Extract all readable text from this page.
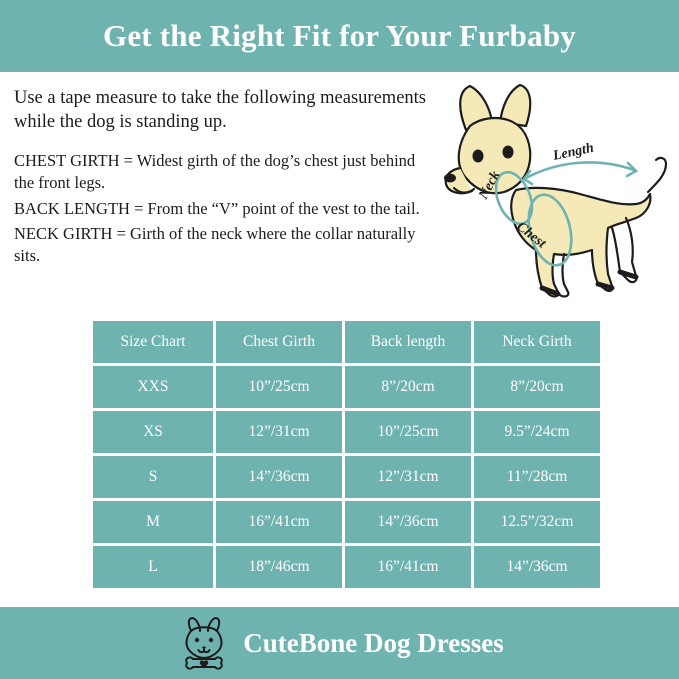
Get the Right Fit for Your Furbaby
Use a tape measure to take the following measurements while the dog is standing up.
CHEST GIRTH = Widest girth of the dog’s chest just behind the front legs.
BACK LENGTH = From the “V” point of the vest to the tail.
NECK GIRTH = Girth of the neck where the collar naturally sits.
Neck
Chest
Length
Size Chart	Chest Girth	Back length	Neck Girth
XXS	10”/25cm	8”/20cm	8”/20cm
XS	12”/31cm	10”/25cm	9.5”/24cm
S	14”/36cm	12”/31cm	11”/28cm
M	16”/41cm	14”/36cm	12.5”/32cm
L	18”/46cm	16”/41cm	14”/36cm
CuteBone Dog Dresses
